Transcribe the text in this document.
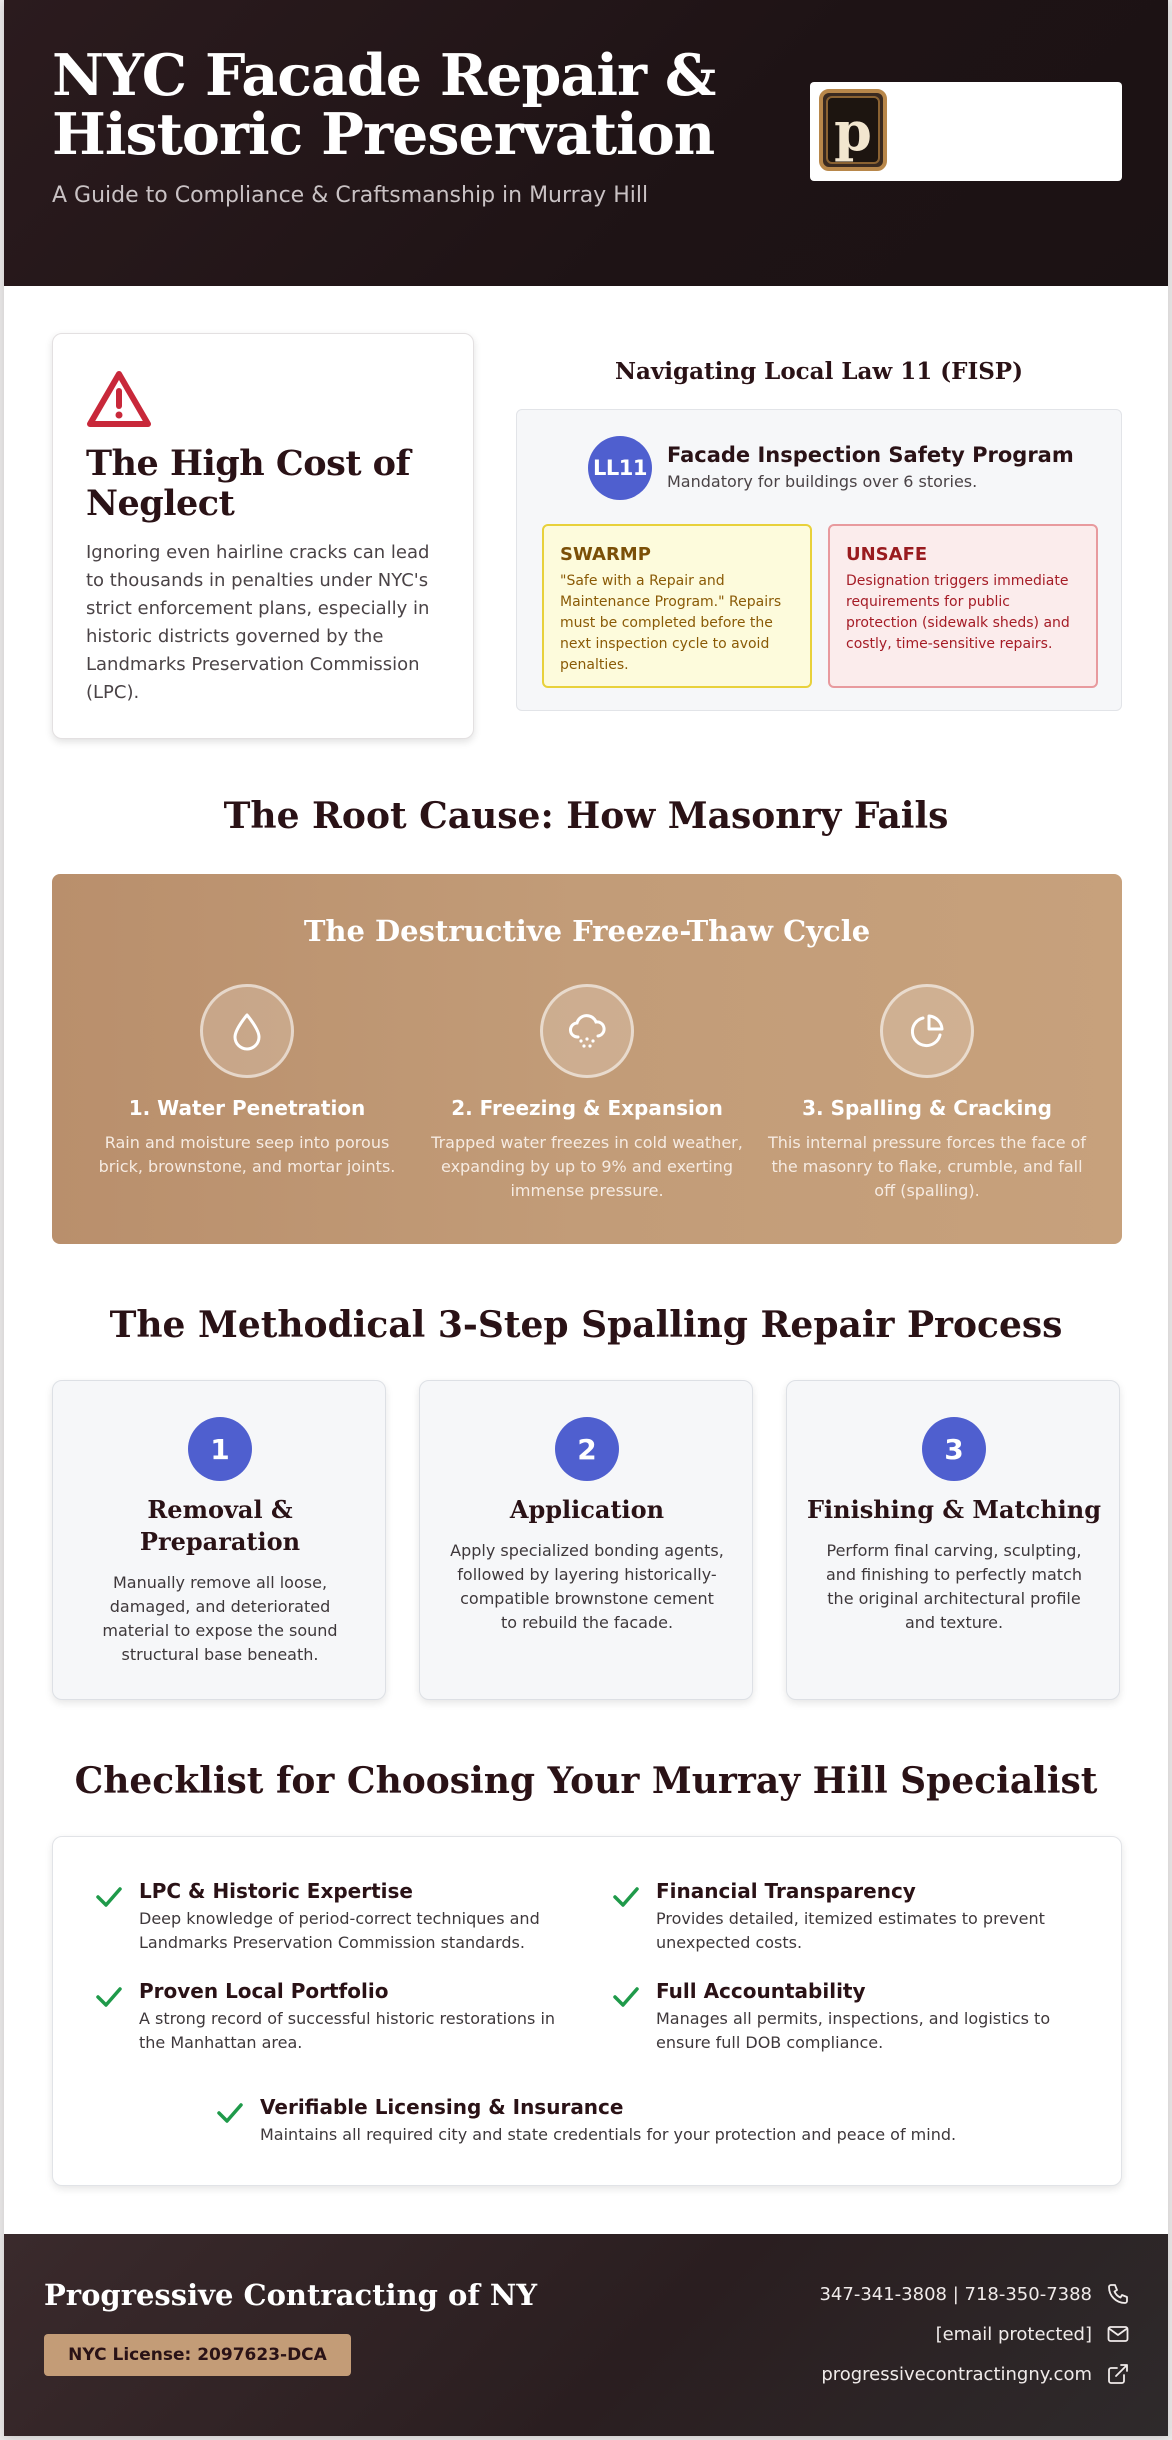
NYC Facade Repair & Historic Preservation
A Guide to Compliance & Craftsmanship in Murray Hill
p
The High Cost of Neglect
Ignoring even hairline cracks can lead to thousands in penalties under NYC's strict enforcement plans, especially in historic districts governed by the Landmarks Preservation Commission (LPC).
Navigating Local Law 11 (FISP)
LL11
Facade Inspection Safety Program
Mandatory for buildings over 6 stories.
SWARMP
"Safe with a Repair and Maintenance Program." Repairs must be completed before the next inspection cycle to avoid penalties.
UNSAFE
Designation triggers immediate requirements for public protection (sidewalk sheds) and costly, time-sensitive repairs.
The Root Cause: How Masonry Fails
The Destructive Freeze-Thaw Cycle
1. Water Penetration
Rain and moisture seep into porous brick, brownstone, and mortar joints.
2. Freezing & Expansion
Trapped water freezes in cold weather, expanding by up to 9% and exerting immense pressure.
3. Spalling & Cracking
This internal pressure forces the face of the masonry to flake, crumble, and fall off (spalling).
The Methodical 3-Step Spalling Repair Process
1
Removal & Preparation
Manually remove all loose, damaged, and deteriorated material to expose the sound structural base beneath.
2
Application
Apply specialized bonding agents, followed by layering historically-compatible brownstone cement to rebuild the facade.
3
Finishing & Matching
Perform final carving, sculpting, and finishing to perfectly match the original architectural profile and texture.
Checklist for Choosing Your Murray Hill Specialist
LPC & Historic Expertise
Deep knowledge of period-correct techniques and Landmarks Preservation Commission standards.
Financial Transparency
Provides detailed, itemized estimates to prevent unexpected costs.
Proven Local Portfolio
A strong record of successful historic restorations in the Manhattan area.
Full Accountability
Manages all permits, inspections, and logistics to ensure full DOB compliance.
Verifiable Licensing & Insurance
Maintains all required city and state credentials for your protection and peace of mind.
Progressive Contracting of NY
NYC License: 2097623-DCA
347-341-3808 | 718-350-7388
[email protected]
progressivecontractingny.com
